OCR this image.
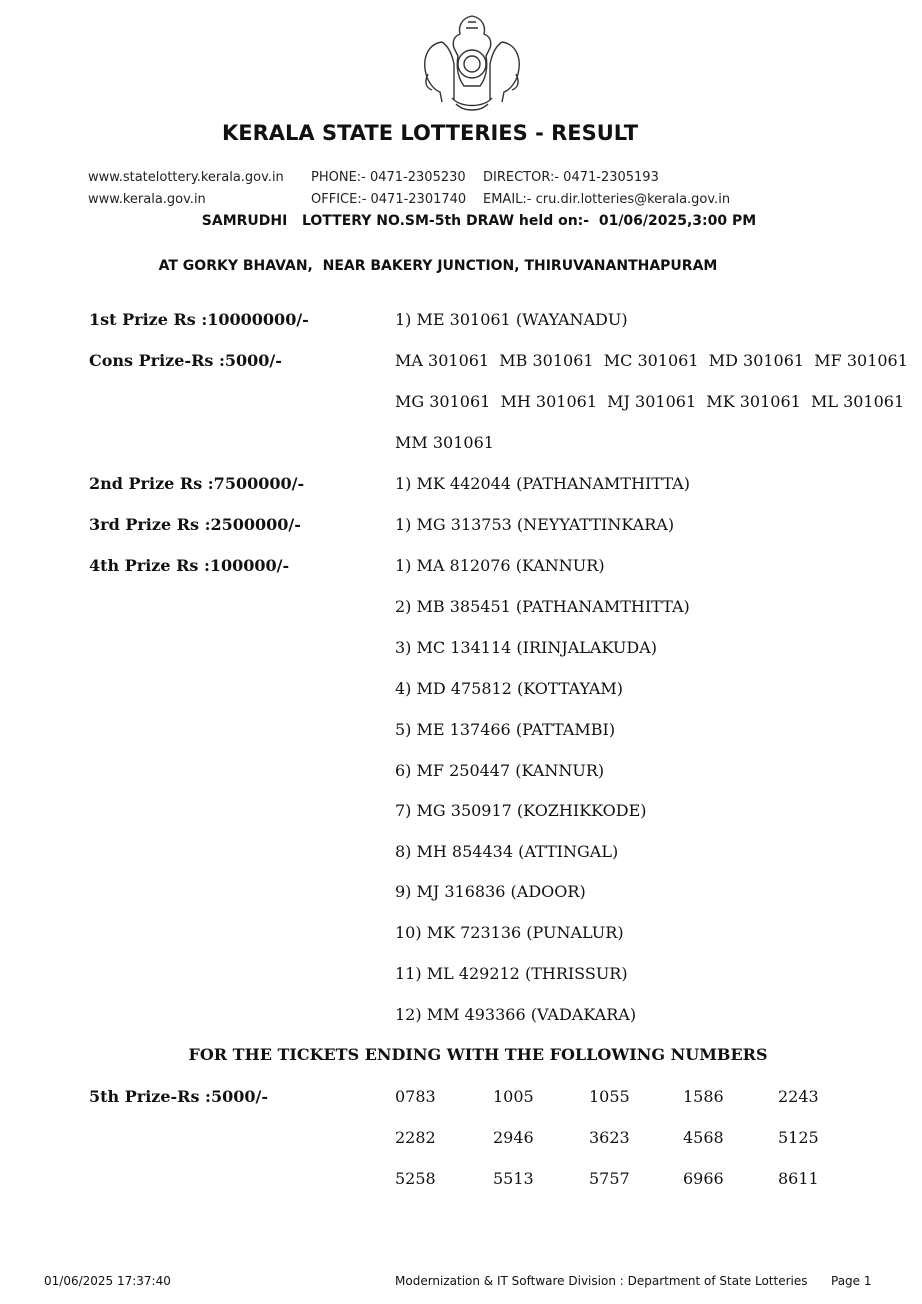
KERALA STATE LOTTERIES - RESULT
www.statelottery.kerala.gov.in
www.kerala.gov.in
PHONE:- 0471-2305230
OFFICE:- 0471-2301740
DIRECTOR:- 0471-2305193
EMAIL:- cru.dir.lotteries@kerala.gov.in
SAMRUDHI   LOTTERY NO.SM-5th DRAW held on:-  01/06/2025,3:00 PM
AT GORKY BHAVAN,  NEAR BAKERY JUNCTION, THIRUVANANTHAPURAM
1st Prize Rs :10000000/-	1) ME 301061 (WAYANADU)
Cons Prize-Rs :5000/-	MA 301061  MB 301061  MC 301061  MD 301061  MF 301061
MG 301061  MH 301061  MJ 301061  MK 301061  ML 301061
MM 301061
2nd Prize Rs :7500000/-	1) MK 442044 (PATHANAMTHITTA)
3rd Prize Rs :2500000/-	1) MG 313753 (NEYYATTINKARA)
4th Prize Rs :100000/-	1) MA 812076 (KANNUR)
2) MB 385451 (PATHANAMTHITTA)
3) MC 134114 (IRINJALAKUDA)
4) MD 475812 (KOTTAYAM)
5) ME 137466 (PATTAMBI)
6) MF 250447 (KANNUR)
7) MG 350917 (KOZHIKKODE)
8) MH 854434 (ATTINGAL)
9) MJ 316836 (ADOOR)
10) MK 723136 (PUNALUR)
11) ML 429212 (THRISSUR)
12) MM 493366 (VADAKARA)
FOR THE TICKETS ENDING WITH THE FOLLOWING NUMBERS
5th Prize-Rs :5000/-	0783	1005	1055	1586	2243
2282	2946	3623	4568	5125
5258	5513	5757	6966	8611
01/06/2025 17:37:40	Modernization & IT Software Division : Department of State Lotteries Page 1
